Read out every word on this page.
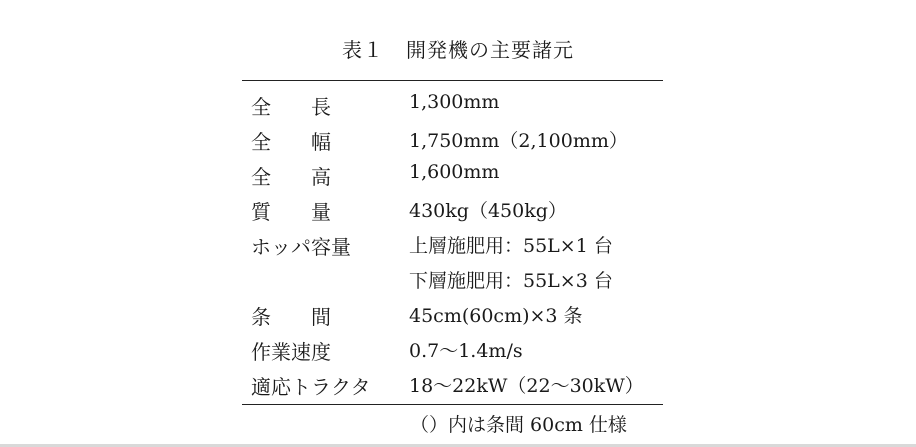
表１ 開発機の主要諸元
全　　長	1,300mm
全　　幅	1,750mm（2,100mm）
全　　高	1,600mm
質　　量	430kg（450kg）
ホッパ容量	上層施肥用：55L×1 台
下層施肥用：55L×3 台
条　　間	45cm(60cm)×3 条
作業速度	0.7〜1.4m/s
適応トラクタ 18〜22kW（22〜30kW）
（）内は条間 60cm 仕様
